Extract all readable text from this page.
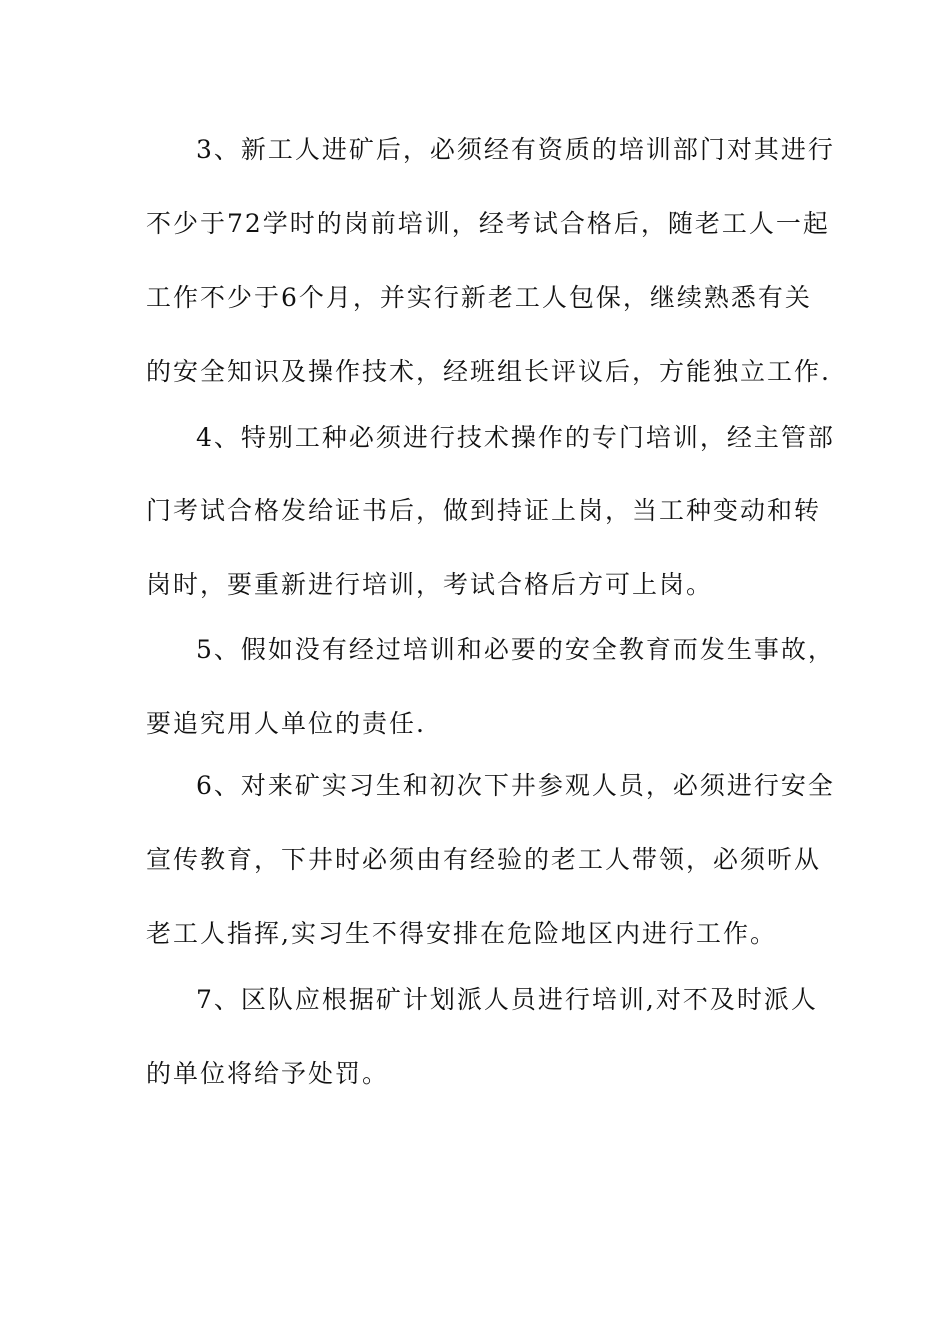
3、新工人进矿后，必须经有资质的培训部门对其进行
不少于72学时的岗前培训，经考试合格后，随老工人一起
工作不少于6个月，并实行新老工人包保，继续熟悉有关
的安全知识及操作技术，经班组长评议后，方能独立工作.
4、特别工种必须进行技术操作的专门培训，经主管部
门考试合格发给证书后，做到持证上岗，当工种变动和转
岗时，要重新进行培训，考试合格后方可上岗。
5、假如没有经过培训和必要的安全教育而发生事故，
要追究用人单位的责任.
6、对来矿实习生和初次下井参观人员，必须进行安全
宣传教育，下井时必须由有经验的老工人带领，必须听从
老工人指挥,实习生不得安排在危险地区内进行工作。
7、区队应根据矿计划派人员进行培训,对不及时派人
的单位将给予处罚。
